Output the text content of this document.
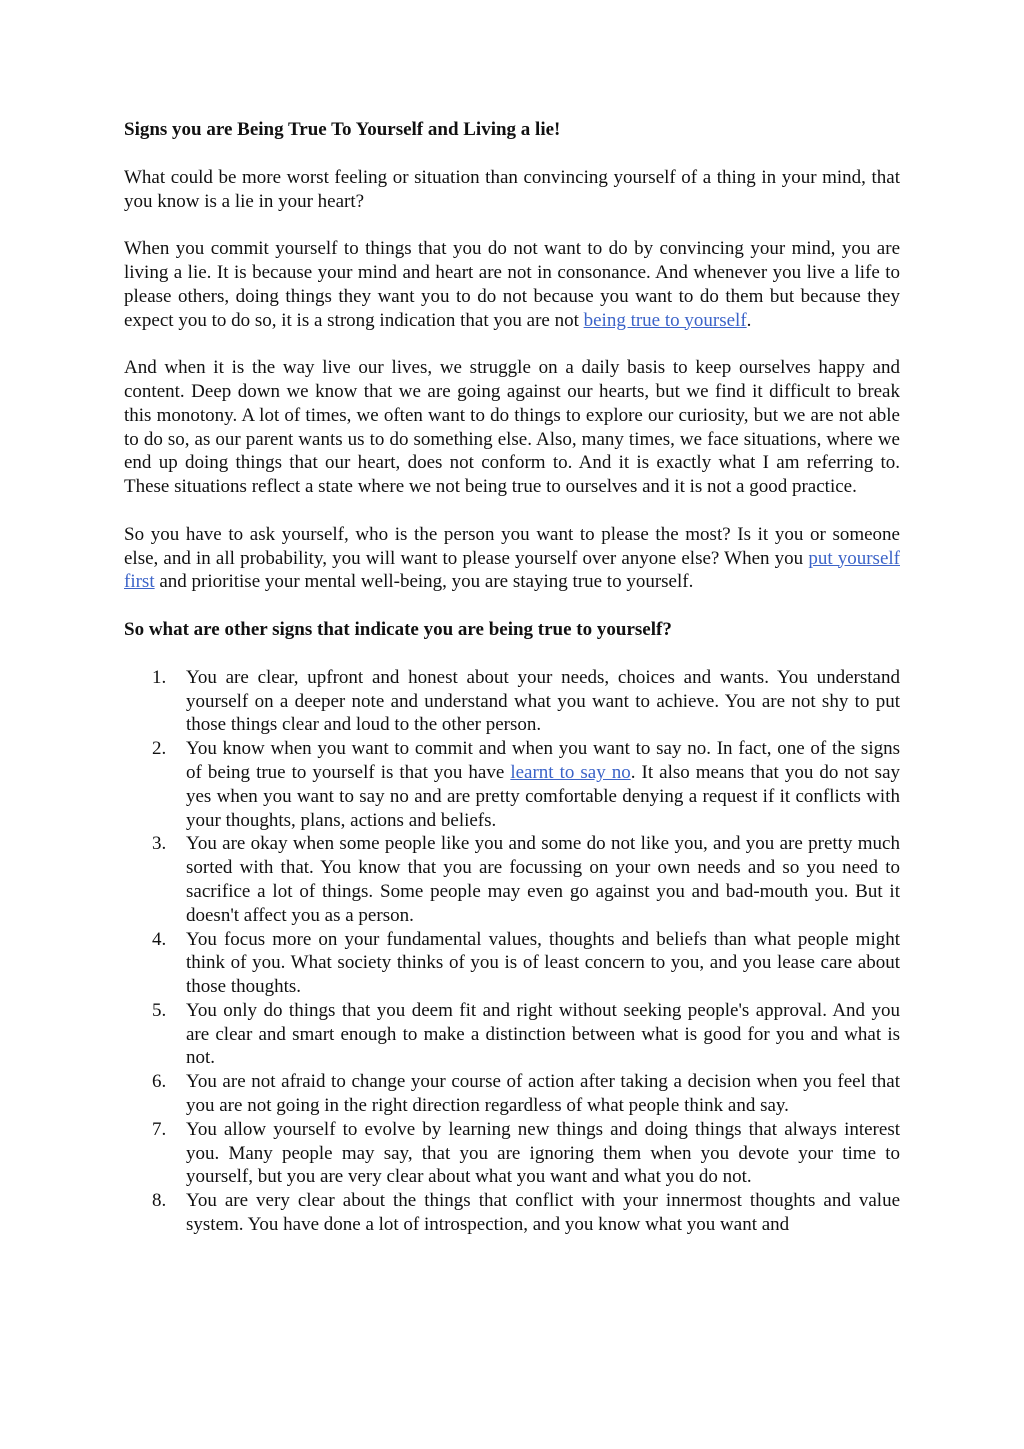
Signs you are Being True To Yourself and Living a lie!

What could be more worst feeling or situation than convincing yourself of a thing in your mind, that you know is a lie in your heart?

When you commit yourself to things that you do not want to do by convincing your mind, you are living a lie. It is because your mind and heart are not in consonance. And whenever you live a life to please others, doing things they want you to do not because you want to do them but because they expect you to do so, it is a strong indication that you are not being true to yourself.

And when it is the way live our lives, we struggle on a daily basis to keep ourselves happy and content. Deep down we know that we are going against our hearts, but we find it difficult to break this monotony. A lot of times, we often want to do things to explore our curiosity, but we are not able to do so, as our parent wants us to do something else. Also, many times, we face situations, where we end up doing things that our heart, does not conform to. And it is exactly what I am referring to. These situations reflect a state where we not being true to ourselves and it is not a good practice.

So you have to ask yourself, who is the person you want to please the most? Is it you or someone else, and in all probability, you will want to please yourself over anyone else? When you put yourself first and prioritise your mental well-being, you are staying true to yourself.

So what are other signs that indicate you are being true to yourself?
1.	You are clear, upfront and honest about your needs, choices and wants. You understand yourself on a deeper note and understand what you want to achieve. You are not shy to put those things clear and loud to the other person.
2.	You know when you want to commit and when you want to say no. In fact, one of the signs of being true to yourself is that you have learnt to say no. It also means that you do not say yes when you want to say no and are pretty comfortable denying a request if it conflicts with your thoughts, plans, actions and beliefs.
3.	You are okay when some people like you and some do not like you, and you are pretty much sorted with that. You know that you are focussing on your own needs and so you need to sacrifice a lot of things. Some people may even go against you and bad-mouth you. But it doesn't affect you as a person.
4.	You focus more on your fundamental values, thoughts and beliefs than what people might think of you. What society thinks of you is of least concern to you, and you lease care about those thoughts.
5.	You only do things that you deem fit and right without seeking people's approval. And you are clear and smart enough to make a distinction between what is good for you and what is not.
6.	You are not afraid to change your course of action after taking a decision when you feel that you are not going in the right direction regardless of what people think and say.
7.	You allow yourself to evolve by learning new things and doing things that always interest you. Many people may say, that you are ignoring them when you devote your time to yourself, but you are very clear about what you want and what you do not.
8.	You are very clear about the things that conflict with your innermost thoughts and value system. You have done a lot of introspection, and you know what you want and
